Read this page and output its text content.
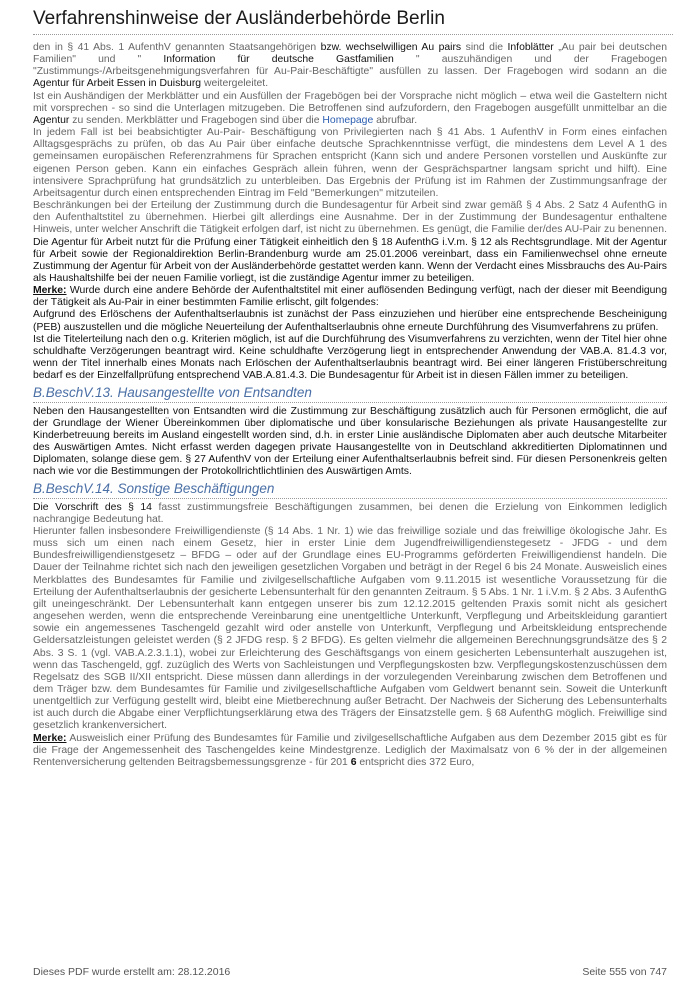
Verfahrenshinweise der Ausländerbehörde Berlin

den in § 41 Abs. 1 AufenthV genannten Staatsangehörigen bzw. wechselwilligen Au pairs sind die Infoblätter „Au pair bei deutschen Familien" und " Information für deutsche Gastfamilien " auszuhändigen und der Fragebogen "Zustimmungs-/Arbeitsgenehmigungsverfahren für Au-Pair-Beschäftigte" ausfüllen zu lassen. Der Fragebogen wird sodann an die Agentur für Arbeit Essen in Duisburg weitergeleitet.

Ist ein Aushändigen der Merkblätter und ein Ausfüllen der Fragebögen bei der Vorsprache nicht möglich – etwa weil die Gasteltern nicht mit vorsprechen - so sind die Unterlagen mitzugeben. Die Betroffenen sind aufzufordern, den Fragebogen ausgefüllt unmittelbar an die Agentur zu senden. Merkblätter und Fragebogen sind über die Homepage abrufbar.

In jedem Fall ist bei beabsichtigter Au-Pair- Beschäftigung von Privilegierten nach § 41 Abs. 1 AufenthV in Form eines einfachen Alltagsgesprächs zu prüfen, ob das Au Pair über einfache deutsche Sprachkenntnisse verfügt, die mindestens dem Level A 1 des gemeinsamen europäischen Referenzrahmens für Sprachen entspricht (Kann sich und andere Personen vorstellen und Auskünfte zur eigenen Person geben. Kann ein einfaches Gespräch allein führen, wenn der Gesprächspartner langsam spricht und hilft). Eine intensivere Sprachprüfung hat grundsätzlich zu unterbleiben. Das Ergebnis der Prüfung ist im Rahmen der Zustimmungsanfrage der Arbeitsagentur durch einen entsprechenden Eintrag im Feld "Bemerkungen" mitzuteilen.

Beschränkungen bei der Erteilung der Zustimmung durch die Bundesagentur für Arbeit sind zwar gemäß § 4 Abs. 2 Satz 4 AufenthG in den Aufenthaltstitel zu übernehmen. Hierbei gilt allerdings eine Ausnahme. Der in der Zustimmung der Bundesagentur enthaltene Hinweis, unter welcher Anschrift die Tätigkeit erfolgen darf, ist nicht zu übernehmen. Es genügt, die Familie der/des AU-Pair zu benennen.

Die Agentur für Arbeit nutzt für die Prüfung einer Tätigkeit einheitlich den § 18 AufenthG i.V.m. § 12 als Rechtsgrundlage. Mit der Agentur für Arbeit sowie der Regionaldirektion Berlin-Brandenburg wurde am 25.01.2006 vereinbart, dass ein Familienwechsel ohne erneute Zustimmung der Agentur für Arbeit von der Ausländerbehörde gestattet werden kann. Wenn der Verdacht eines Missbrauchs des Au-Pairs als Haushaltshilfe bei der neuen Familie vorliegt, ist die zuständige Agentur immer zu beteiligen.

Merke: Wurde durch eine andere Behörde der Aufenthaltstitel mit einer auflösenden Bedingung verfügt, nach der dieser mit Beendigung der Tätigkeit als Au-Pair in einer bestimmten Familie erlischt, gilt folgendes:

Aufgrund des Erlöschens der Aufenthaltserlaubnis ist zunächst der Pass einzuziehen und hierüber eine entsprechende Bescheinigung (PEB) auszustellen und die mögliche Neuerteilung der Aufenthaltserlaubnis ohne erneute Durchführung des Visumverfahrens zu prüfen.

Ist die Titelerteilung nach den o.g. Kriterien möglich, ist auf die Durchführung des Visumverfahrens zu verzichten, wenn der Titel hier ohne schuldhafte Verzögerungen beantragt wird. Keine schuldhafte Verzögerung liegt in entsprechender Anwendung der VAB.A. 81.4.3 vor, wenn der Titel innerhalb eines Monats nach Erlöschen der Aufenthaltserlaubnis beantragt wird. Bei einer längeren Fristüberschreitung bedarf es der Einzelfallprüfung entsprechend VAB.A.81.4.3. Die Bundesagentur für Arbeit ist in diesen Fällen immer zu beteiligen.

B.BeschV.13. Hausangestellte von Entsandten

Neben den Hausangestellten von Entsandten wird die Zustimmung zur Beschäftigung zusätzlich auch für Personen ermöglicht, die auf der Grundlage der Wiener Übereinkommen über diplomatische und über konsularische Beziehungen als private Hausangestellte zur Kinderbetreuung bereits im Ausland eingestellt worden sind, d.h. in erster Linie ausländische Diplomaten aber auch deutsche Mitarbeiter des Auswärtigen Amtes. Nicht erfasst werden dagegen private Hausangestellte von in Deutschland akkreditierten Diplomatinnen und Diplomaten, solange diese gem. § 27 AufenthV von der Erteilung einer Aufenthaltserlaubnis befreit sind. Für diesen Personenkreis gelten nach wie vor die Bestimmungen der Protokollrichtlichtlinien des Auswärtigen Amts.

B.BeschV.14. Sonstige Beschäftigungen

Die Vorschrift des § 14 fasst zustimmungsfreie Beschäftigungen zusammen, bei denen die Erzielung von Einkommen lediglich nachrangige Bedeutung hat.

Hierunter fallen insbesondere Freiwilligendienste (§ 14 Abs. 1 Nr. 1) wie das freiwillige soziale und das freiwillige ökologische Jahr. Es muss sich um einen nach einem Gesetz, hier in erster Linie dem Jugendfreiwilligendienstegesetz - JFDG - und dem Bundesfreiwilligendienstgesetz – BFDG – oder auf der Grundlage eines EU-Programms geförderten Freiwilligendienst handeln. Die Dauer der Teilnahme richtet sich nach den jeweiligen gesetzlichen Vorgaben und beträgt in der Regel 6 bis 24 Monate. Ausweislich eines Merkblattes des Bundesamtes für Familie und zivilgesellschaftliche Aufgaben vom 9.11.2015 ist wesentliche Voraussetzung für die Erteilung der Aufenthaltserlaubnis der gesicherte Lebensunterhalt für den genannten Zeitraum. § 5 Abs. 1 Nr. 1 i.V.m. § 2 Abs. 3 AufenthG gilt uneingeschränkt. Der Lebensunterhalt kann entgegen unserer bis zum 12.12.2015 geltenden Praxis somit nicht als gesichert angesehen werden, wenn die entsprechende Vereinbarung eine unentgeltliche Unterkunft, Verpflegung und Arbeitskleidung garantiert sowie ein angemessenes Taschengeld gezahlt wird oder anstelle von Unterkunft, Verpflegung und Arbeitskleidung entsprechende Geldersatzleistungen geleistet werden (§ 2 JFDG resp. § 2 BFDG). Es gelten vielmehr die allgemeinen Berechnungsgrundsätze des § 2 Abs. 3 S. 1 (vgl. VAB.A.2.3.1.1), wobei zur Erleichterung des Geschäftsgangs von einem gesicherten Lebensunterhalt auszugehen ist, wenn das Taschengeld, ggf. zuzüglich des Werts von Sachleistungen und Verpflegungskosten bzw. Verpflegungskostenzuschüssen dem Regelsatz des SGB II/XII entspricht. Diese müssen dann allerdings in der vorzulegenden Vereinbarung zwischen dem Betroffenen und dem Träger bzw. dem Bundesamtes für Familie und zivilgesellschaftliche Aufgaben vom Geldwert benannt sein. Soweit die Unterkunft unentgeltlich zur Verfügung gestellt wird, bleibt eine Mietberechnung außer Betracht. Der Nachweis der Sicherung des Lebensunterhalts ist auch durch die Abgabe einer Verpflichtungserklärung etwa des Trägers der Einsatzstelle gem. § 68 AufenthG möglich. Freiwillige sind gesetzlich krankenversichert.

Merke: Ausweislich einer Prüfung des Bundesamtes für Familie und zivilgesellschaftliche Aufgaben aus dem Dezember 2015 gibt es für die Frage der Angemessenheit des Taschengeldes keine Mindestgrenze. Lediglich der Maximalsatz von 6 % der in der allgemeinen Rentenversicherung geltenden Beitragsbemessungsgrenze - für 201 6 entspricht dies 372 Euro,

Dieses PDF wurde erstellt am: 28.12.2016	Seite 555 von 747
